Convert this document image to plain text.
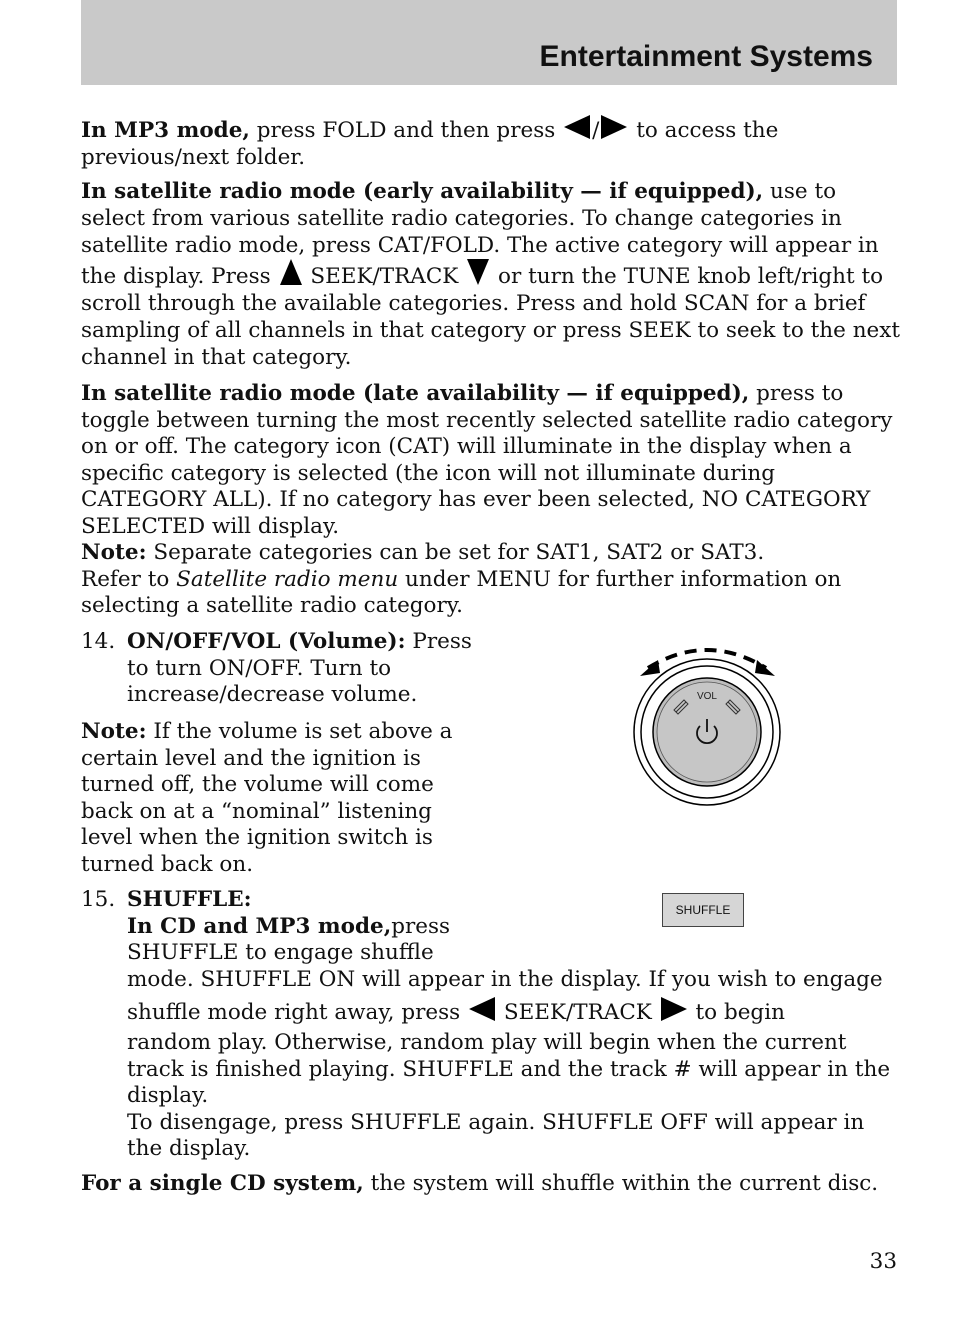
Entertainment Systems
In MP3 mode, press FOLD and then press / to access the previous/next folder.
In satellite radio mode (early availability — if equipped), use to select from various satellite radio categories. To change categories in satellite radio mode, press CAT/FOLD. The active category will appear in the display. Press SEEK/TRACK or turn the TUNE knob left/right to scroll through the available categories. Press and hold SCAN for a brief sampling of all channels in that category or press SEEK to seek to the next channel in that category.
In satellite radio mode (late availability — if equipped), press to toggle between turning the most recently selected satellite radio category on or off. The category icon (CAT) will illuminate in the display when a specific category is selected (the icon will not illuminate during CATEGORY ALL). If no category has ever been selected, NO CATEGORY SELECTED will display.
Note: Separate categories can be set for SAT1, SAT2 or SAT3.
Refer to Satellite radio menu under MENU for further information on selecting a satellite radio category.
14. ON/OFF/VOL (Volume): Press
to turn ON/OFF. Turn to
increase/decrease volume.
Note: If the volume is set above a
certain level and the ignition is
turned off, the volume will come
back on at a “nominal” listening
level when the ignition switch is
turned back on.
VOL
15. SHUFFLE:
In CD and MP3 mode,press
SHUFFLE to engage shuffle
mode. SHUFFLE ON will appear in the display. If you wish to engage
SHUFFLE
shuffle mode right away, press SEEK/TRACK to begin
random play. Otherwise, random play will begin when the current track is finished playing. SHUFFLE and the track # will appear in the display.
To disengage, press SHUFFLE again. SHUFFLE OFF will appear in the display.
For a single CD system, the system will shuffle within the current disc.
33
